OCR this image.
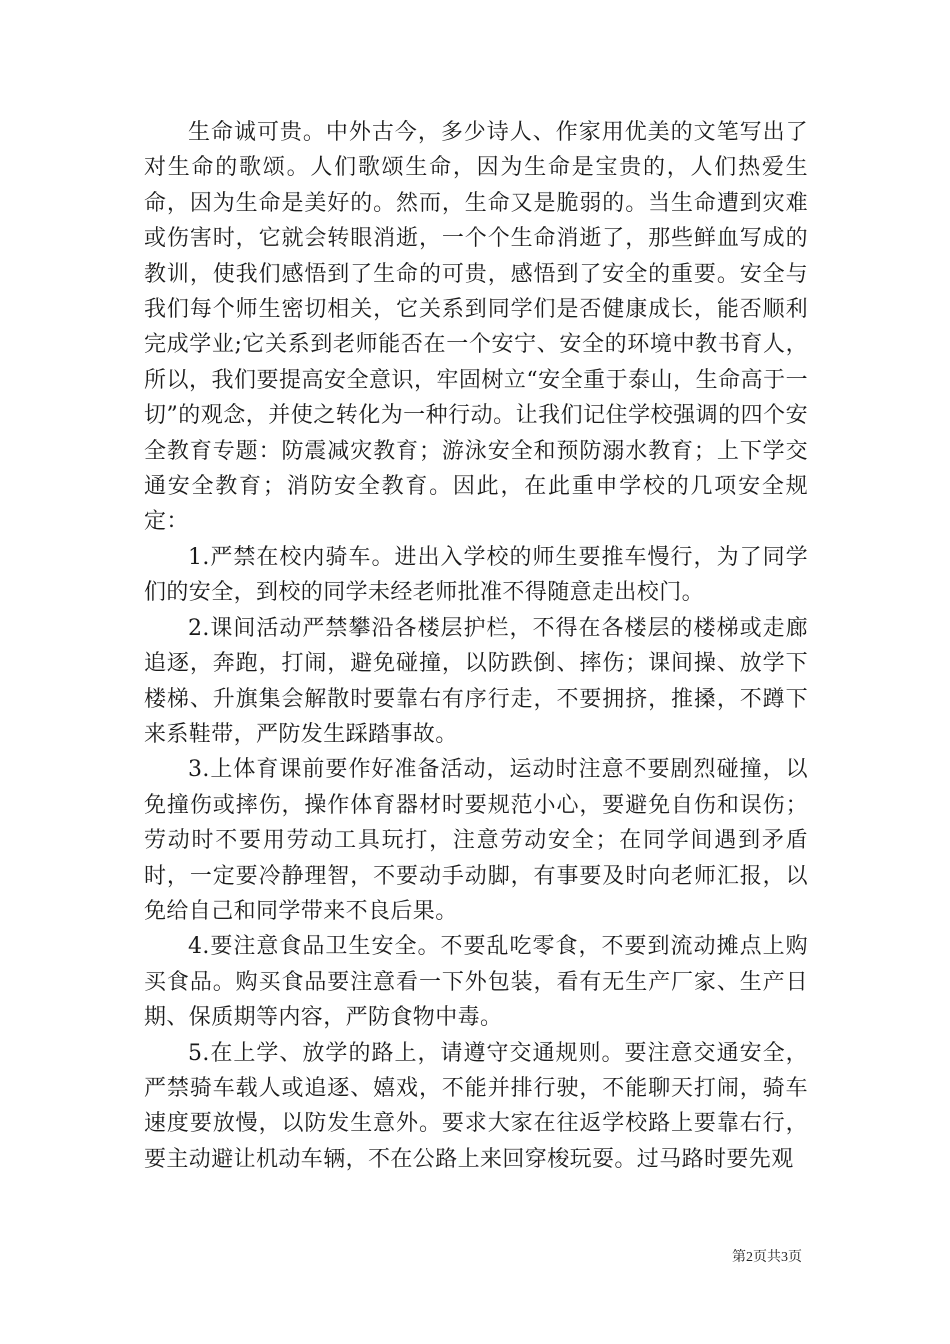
生命诚可贵。中外古今，多少诗人、作家用优美的文笔写出了对生命的歌颂。人们歌颂生命，因为生命是宝贵的，人们热爱生命，因为生命是美好的。然而，生命又是脆弱的。当生命遭到灾难或伤害时，它就会转眼消逝，一个个生命消逝了，那些鲜血写成的教训，使我们感悟到了生命的可贵，感悟到了安全的重要。安全与我们每个师生密切相关，它关系到同学们是否健康成长，能否顺利完成学业;它关系到老师能否在一个安宁、安全的环境中教书育人，所以，我们要提高安全意识，牢固树立“安全重于泰山，生命高于一切”的观念，并使之转化为一种行动。让我们记住学校强调的四个安全教育专题：防震减灾教育；游泳安全和预防溺水教育；上下学交通安全教育；消防安全教育。因此，在此重申学校的几项安全规定：

1.严禁在校内骑车。进出入学校的师生要推车慢行，为了同学们的安全，到校的同学未经老师批准不得随意走出校门。

2.课间活动严禁攀沿各楼层护栏，不得在各楼层的楼梯或走廊追逐，奔跑，打闹，避免碰撞，以防跌倒、摔伤；课间操、放学下楼梯、升旗集会解散时要靠右有序行走，不要拥挤，推搡，不蹲下来系鞋带，严防发生踩踏事故。

3.上体育课前要作好准备活动，运动时注意不要剧烈碰撞，以免撞伤或摔伤，操作体育器材时要规范小心，要避免自伤和误伤；劳动时不要用劳动工具玩打，注意劳动安全；在同学间遇到矛盾时，一定要冷静理智，不要动手动脚，有事要及时向老师汇报，以免给自己和同学带来不良后果。

4.要注意食品卫生安全。不要乱吃零食，不要到流动摊点上购买食品。购买食品要注意看一下外包装，看有无生产厂家、生产日期、保质期等内容，严防食物中毒。

5.在上学、放学的路上，请遵守交通规则。要注意交通安全，严禁骑车载人或追逐、嬉戏，不能并排行驶，不能聊天打闹，骑车速度要放慢，以防发生意外。要求大家在往返学校路上要靠右行，要主动避让机动车辆，不在公路上来回穿梭玩耍。过马路时要先观

第2页共3页
